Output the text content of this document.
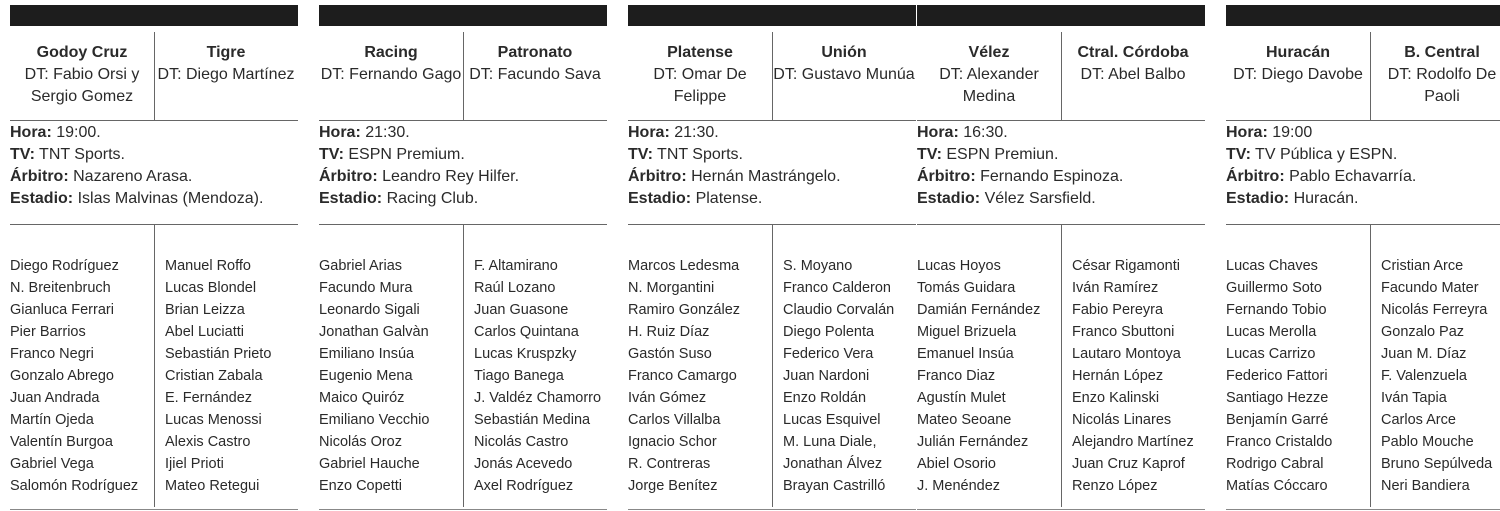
Godoy Cruz
DT: Fabio Orsi y Sergio Gomez
Tigre
DT: Diego Martínez
Hora: 19:00.
TV: TNT Sports.
Árbitro: Nazareno Arasa.
Estadio: Islas Malvinas (Mendoza).
Diego Rodríguez
N. Breitenbruch
Gianluca Ferrari
Pier Barrios
Franco Negri
Gonzalo Abrego
Juan Andrada
Martín Ojeda
Valentín Burgoa
Gabriel Vega
Salomón Rodríguez
Manuel Roffo
Lucas Blondel
Brian Leizza
Abel Luciatti
Sebastián Prieto
Cristian Zabala
E. Fernández
Lucas Menossi
Alexis Castro
Ijiel Prioti
Mateo Retegui
Racing
DT: Fernando Gago
Patronato
DT: Facundo Sava
Hora: 21:30.
TV: ESPN Premium.
Árbitro: Leandro Rey Hilfer.
Estadio: Racing Club.
Gabriel Arias
Facundo Mura
Leonardo Sigali
Jonathan Galvàn
Emiliano Insúa
Eugenio Mena
Maico Quiróz
Emiliano Vecchio
Nicolás Oroz
Gabriel Hauche
Enzo Copetti
F. Altamirano
Raúl Lozano
Juan Guasone
Carlos Quintana
Lucas Kruspzky
Tiago Banega
J. Valdéz Chamorro
Sebastián Medina
Nicolás Castro
Jonás Acevedo
Axel Rodríguez
Platense
DT: Omar De Felippe
Unión
DT: Gustavo Munúa
Hora: 21:30.
TV: TNT Sports.
Árbitro: Hernán Mastrángelo.
Estadio: Platense.
Marcos Ledesma
N. Morgantini
Ramiro González
H. Ruiz Díaz
Gastón Suso
Franco Camargo
Iván Gómez
Carlos Villalba
Ignacio Schor
R. Contreras
Jorge Benítez
S. Moyano
Franco Calderon
Claudio Corvalán
Diego Polenta
Federico Vera
Juan Nardoni
Enzo Roldán
Lucas Esquivel
M. Luna Diale,
Jonathan Álvez
Brayan Castrilló
Vélez
DT: Alexander Medina
Ctral. Córdoba
DT: Abel Balbo
Hora: 16:30.
TV: ESPN Premiun.
Árbitro: Fernando Espinoza.
Estadio: Vélez Sarsfield.
Lucas Hoyos
Tomás Guidara
Damián Fernández
Miguel Brizuela
Emanuel Insúa
Franco Diaz
Agustín Mulet
Mateo Seoane
Julián Fernández
Abiel Osorio
J. Menéndez
César Rigamonti
Iván Ramírez
Fabio Pereyra
Franco Sbuttoni
Lautaro Montoya
Hernán López
Enzo Kalinski
Nicolás Linares
Alejandro Martínez
Juan Cruz Kaprof
Renzo López
Huracán
DT: Diego Davobe
B. Central
DT: Rodolfo De Paoli
Hora: 19:00
TV: TV Pública y ESPN.
Árbitro: Pablo Echavarría.
Estadio: Huracán.
Lucas Chaves
Guillermo Soto
Fernando Tobio
Lucas Merolla
Lucas Carrizo
Federico Fattori
Santiago Hezze
Benjamín Garré
Franco Cristaldo
Rodrigo Cabral
Matías Cóccaro
Cristian Arce
Facundo Mater
Nicolás Ferreyra
Gonzalo Paz
Juan M. Díaz
F. Valenzuela
Iván Tapia
Carlos Arce
Pablo Mouche
Bruno Sepúlveda
Neri Bandiera
